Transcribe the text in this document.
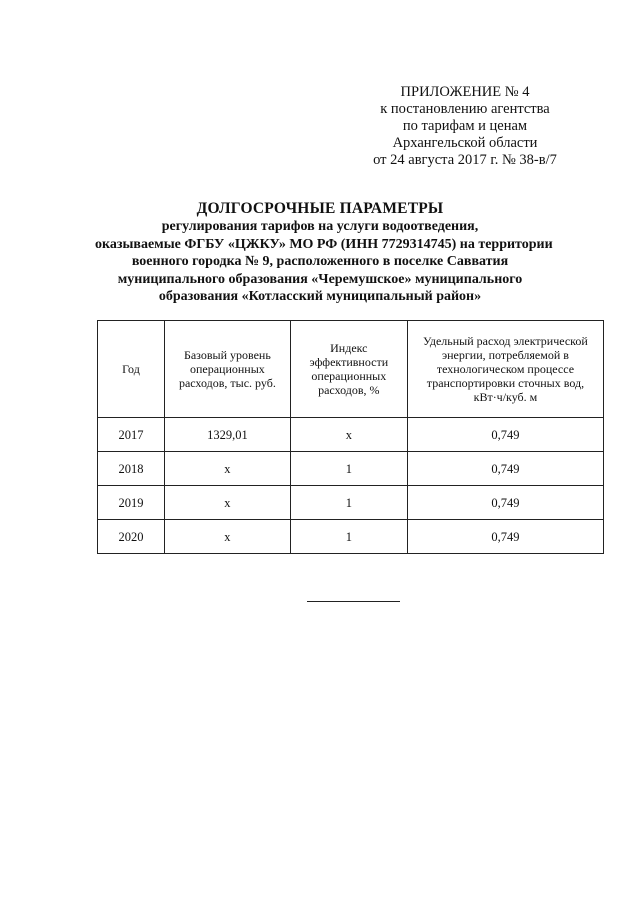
ПРИЛОЖЕНИЕ № 4
к постановлению агентства
по тарифам и ценам
Архангельской области
от 24 августа 2017 г. № 38-в/7
ДОЛГОСРОЧНЫЕ ПАРАМЕТРЫ
регулирования тарифов на услуги водоотведения,
оказываемые ФГБУ «ЦЖКУ» МО РФ (ИНН 7729314745) на территории
военного городка № 9, расположенного в поселке Савватия
муниципального образования «Черемушское» муниципального
образования «Котласский муниципальный район»
Год	Базовый уровень операционных расходов, тыс. руб.	Индекс эффективности операционных расходов, %	Удельный расход электрической энергии, потребляемой в технологическом процессе транспортировки сточных вод, кВт·ч/куб. м
2017	1329,01	х	0,749
2018	х	1	0,749
2019	х	1	0,749
2020	х	1	0,749
